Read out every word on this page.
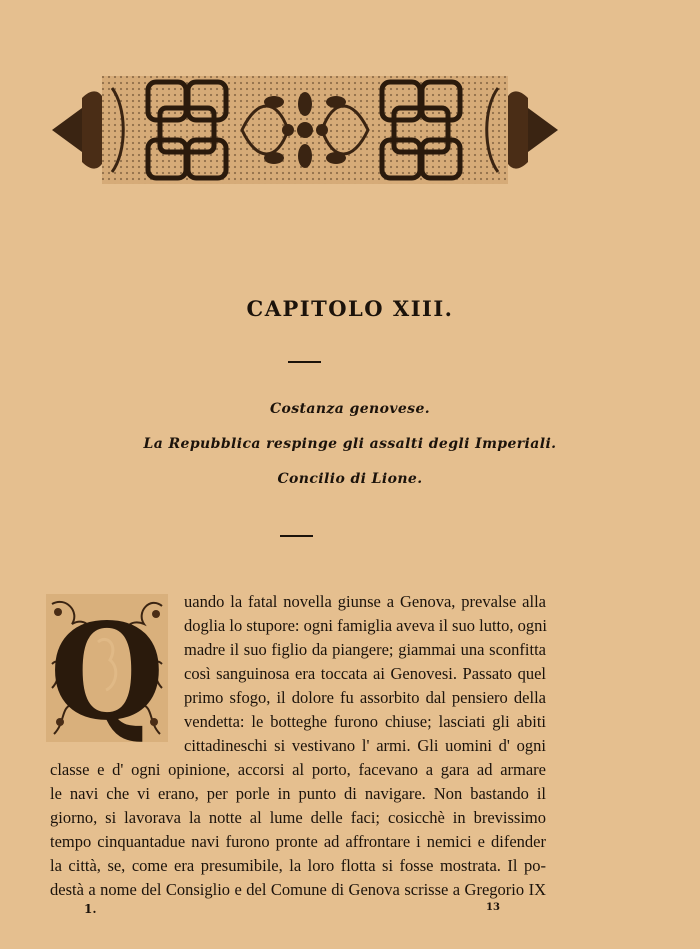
CAPITOLO XIII.
Costanza genovese.
La Repubblica respinge gli assalti degli Imperiali.
Concilio di Lione.
Q uando la fatal novella giunse a Genova, prevalse alla

doglia lo stupore: ogni famiglia aveva il suo lutto, ogni

madre il suo figlio da piangere; giammai una sconfitta

così sanguinosa era toccata ai Genovesi. Passato quel

primo sfogo, il dolore fu assorbito dal pensiero della

vendetta: le botteghe furono chiuse; lasciati gli abiti

cittadineschi si vestivano l' armi. Gli uomini d' ogni

classe e d' ogni opinione, accorsi al porto, facevano a gara ad armare

le navi che vi erano, per porle in punto di navigare. Non bastando il

giorno, si lavorava la notte al lume delle faci; cosicchè in brevissimo

tempo cinquantadue navi furono pronte ad affrontare i nemici e difender

la città, se, come era presumibile, la loro flotta si fosse mostrata. Il po-

destà a nome del Consiglio e del Comune di Genova scrisse a Gregorio IX

1.	13
